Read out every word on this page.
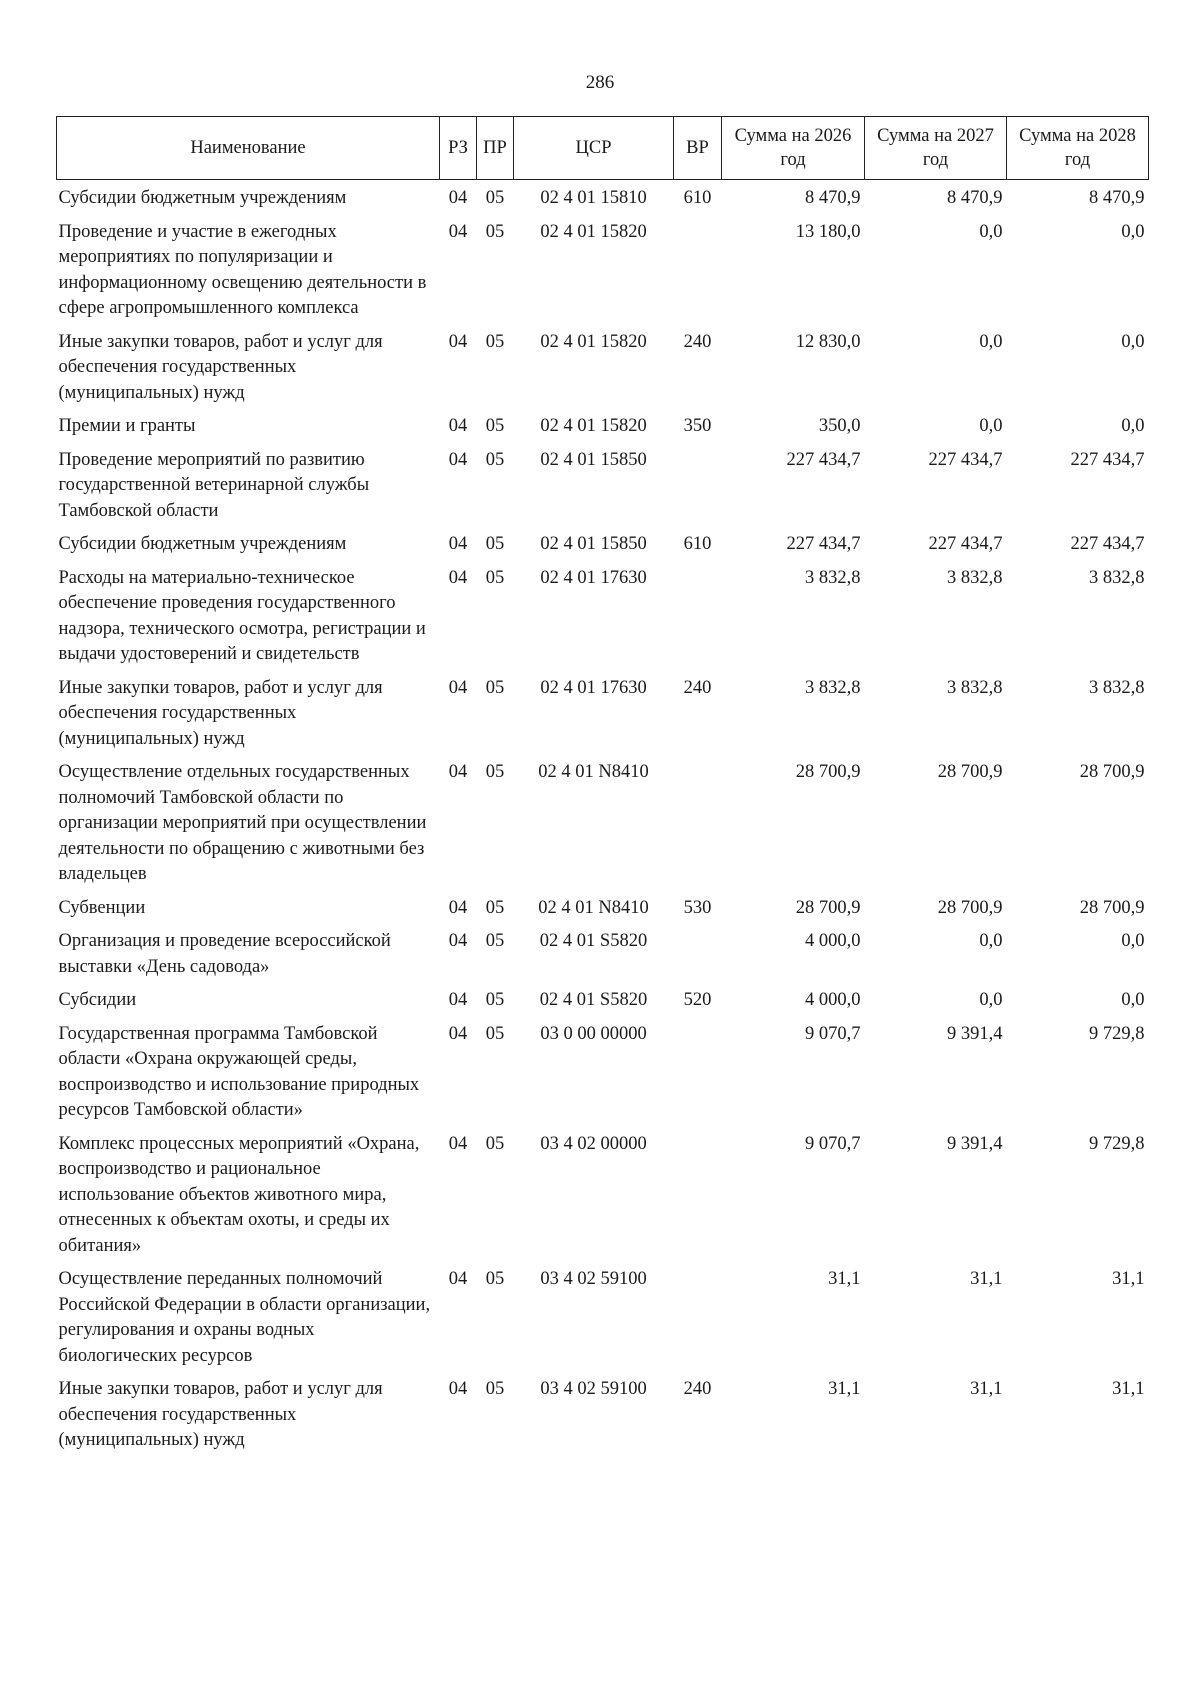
286
Наименование	РЗ	ПР	ЦСР	ВР	Сумма на 2026 год	Сумма на 2027 год	Сумма на 2028 год
Субсидии бюджетным учреждениям	04	05	02 4 01 15810	610	8 470,9	8 470,9	8 470,9
Проведение и участие в ежегодных мероприятиях по популяризации и информационному освещению деятельности в сфере агропромышленного комплекса	04	05	02 4 01 15820		13 180,0	0,0	0,0
Иные закупки товаров, работ и услуг для обеспечения государственных (муниципальных) нужд	04	05	02 4 01 15820	240	12 830,0	0,0	0,0
Премии и гранты	04	05	02 4 01 15820	350	350,0	0,0	0,0
Проведение мероприятий по развитию государственной ветеринарной службы Тамбовской области	04	05	02 4 01 15850		227 434,7	227 434,7	227 434,7
Субсидии бюджетным учреждениям	04	05	02 4 01 15850	610	227 434,7	227 434,7	227 434,7
Расходы на материально-техническое обеспечение проведения государственного надзора, технического осмотра, регистрации и выдачи удостоверений и свидетельств	04	05	02 4 01 17630		3 832,8	3 832,8	3 832,8
Иные закупки товаров, работ и услуг для обеспечения государственных (муниципальных) нужд	04	05	02 4 01 17630	240	3 832,8	3 832,8	3 832,8
Осуществление отдельных государственных полномочий Тамбовской области по организации мероприятий при осуществлении деятельности по обращению с животными без владельцев	04	05	02 4 01 N8410		28 700,9	28 700,9	28 700,9
Субвенции	04	05	02 4 01 N8410	530	28 700,9	28 700,9	28 700,9
Организация и проведение всероссийской выставки «День садовода»	04	05	02 4 01 S5820		4 000,0	0,0	0,0
Субсидии	04	05	02 4 01 S5820	520	4 000,0	0,0	0,0
Государственная программа Тамбовской области «Охрана окружающей среды, воспроизводство и использование природных ресурсов Тамбовской области»	04	05	03 0 00 00000		9 070,7	9 391,4	9 729,8
Комплекс процессных мероприятий «Охрана, воспроизводство и рациональное использование объектов животного мира, отнесенных к объектам охоты, и среды их обитания»	04	05	03 4 02 00000		9 070,7	9 391,4	9 729,8
Осуществление переданных полномочий Российской Федерации в области организации, регулирования и охраны водных биологических ресурсов	04	05	03 4 02 59100		31,1	31,1	31,1
Иные закупки товаров, работ и услуг для обеспечения государственных (муниципальных) нужд	04	05	03 4 02 59100	240	31,1	31,1	31,1
